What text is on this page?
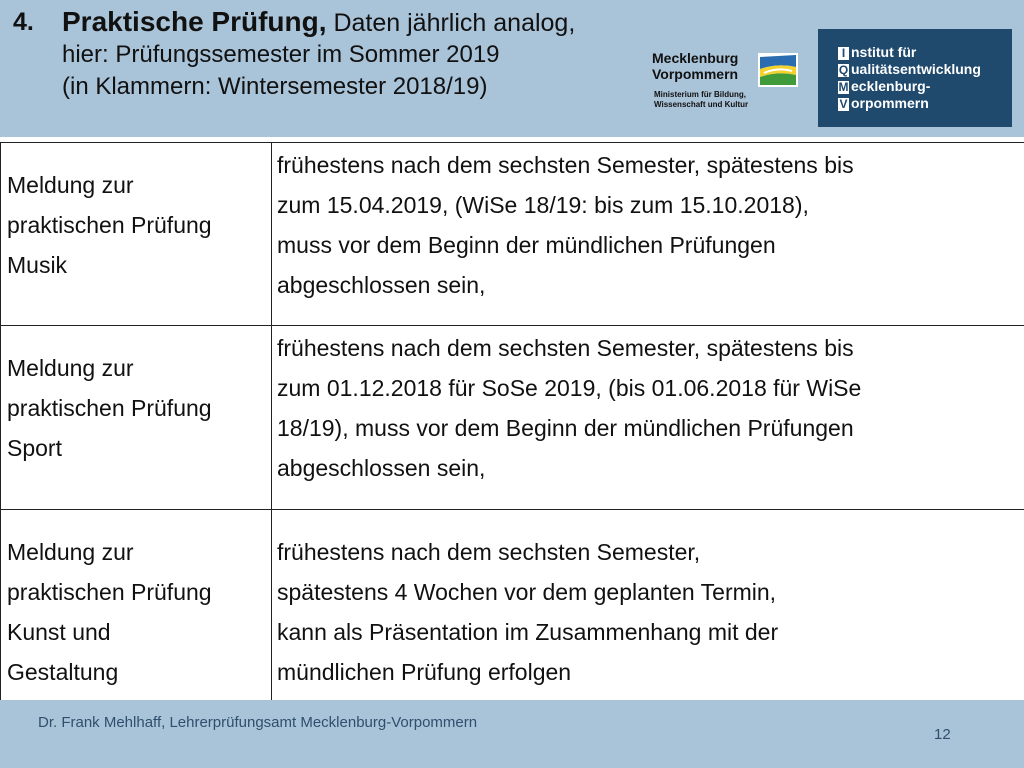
4. Praktische Prüfung, Daten jährlich analog,
hier: Prüfungssemester im Sommer 2019
(in Klammern: Wintersemester 2018/19)
Mecklenburg
Vorpommern
Ministerium für Bildung,
Wissenschaft und Kultur
I nstitut für
Q ualitätsentwicklung
M ecklenburg-
V orpommern
Meldung zur
praktischen Prüfung
Musik	frühestens nach dem sechsten Semester, spätestens bis
zum 15.04.2019, (WiSe 18/19: bis zum 15.10.2018),
muss vor dem Beginn der mündlichen Prüfungen
abgeschlossen sein,

Meldung zur
praktischen Prüfung
Sport	frühestens nach dem sechsten Semester, spätestens bis
zum 01.12.2018 für SoSe 2019, (bis 01.06.2018 für WiSe
18/19), muss vor dem Beginn der mündlichen Prüfungen
abgeschlossen sein,

Meldung zur
praktischen Prüfung
Kunst und
Gestaltung	frühestens nach dem sechsten Semester,
spätestens 4 Wochen vor dem geplanten Termin,
kann als Präsentation im Zusammenhang mit der
mündlichen Prüfung erfolgen
Dr. Frank Mehlhaff, Lehrerprüfungsamt Mecklenburg-Vorpommern
12
